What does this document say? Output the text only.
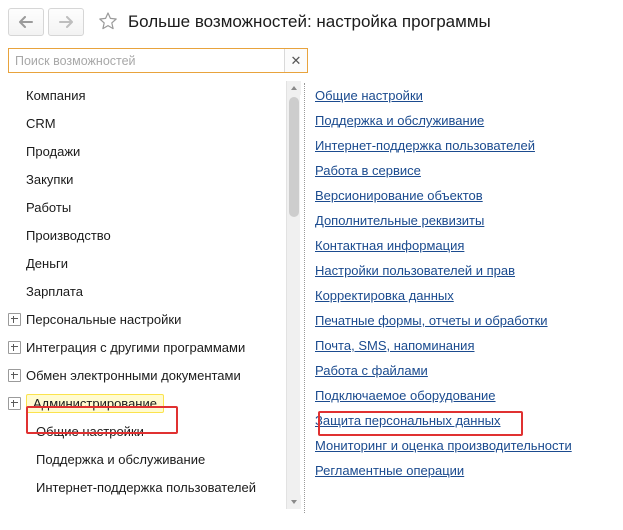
Больше возможностей: настройка программы
Поиск возможностей
✕
Компания
CRM
Продажи
Закупки
Работы
Производство
Деньги
Зарплата
Персональные настройки
Интеграция с другими программами
Обмен электронными документами
Администрирование
Общие настройки
Поддержка и обслуживание
Интернет-поддержка пользователей
Общие настройки
Поддержка и обслуживание
Интернет-поддержка пользователей
Работа в сервисе
Версионирование объектов
Дополнительные реквизиты
Контактная информация
Настройки пользователей и прав
Корректировка данных
Печатные формы, отчеты и обработки
Почта, SMS, напоминания
Работа с файлами
Подключаемое оборудование
Защита персональных данных
Мониторинг и оценка производительности
Регламентные операции
